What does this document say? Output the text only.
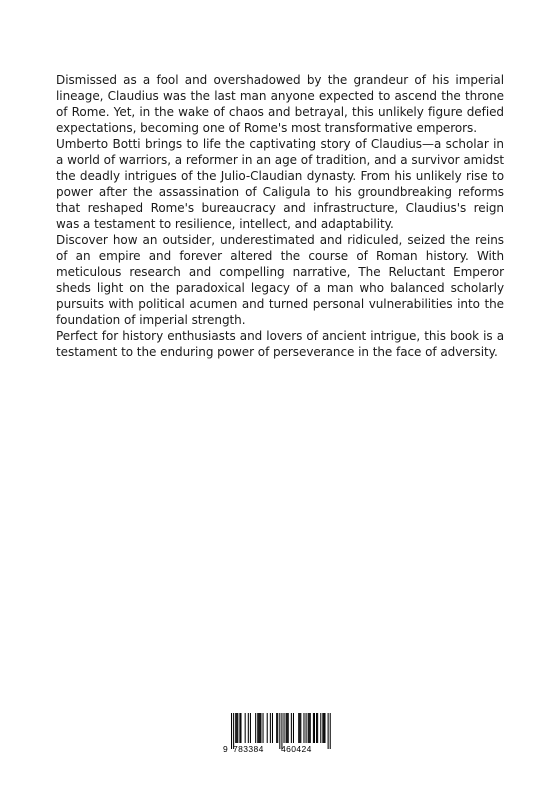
Dismissed as a fool and overshadowed by the grandeur of his imperial lineage, Claudius was the last man anyone expected to ascend the throne of Rome. Yet, in the wake of chaos and betrayal, this unlikely figure defied expectations, becoming one of Rome's most transformative emperors.

Umberto Botti brings to life the captivating story of Claudius—a scholar in a world of warriors, a reformer in an age of tradition, and a survivor amidst the deadly intrigues of the Julio-Claudian dynasty. From his unlikely rise to power after the assassination of Caligula to his groundbreaking reforms that reshaped Rome's bureaucracy and infrastructure, Claudius's reign was a testament to resilience, intellect, and adaptability.

Discover how an outsider, underestimated and ridiculed, seized the reins of an empire and forever altered the course of Roman history. With meticulous research and compelling narrative, The Reluctant Emperor sheds light on the paradoxical legacy of a man who balanced scholarly pursuits with political acumen and turned personal vulnerabilities into the foundation of imperial strength.

Perfect for history enthusiasts and lovers of ancient intrigue, this book is a testament to the enduring power of perseverance in the face of adversity.

9 783384 460424
